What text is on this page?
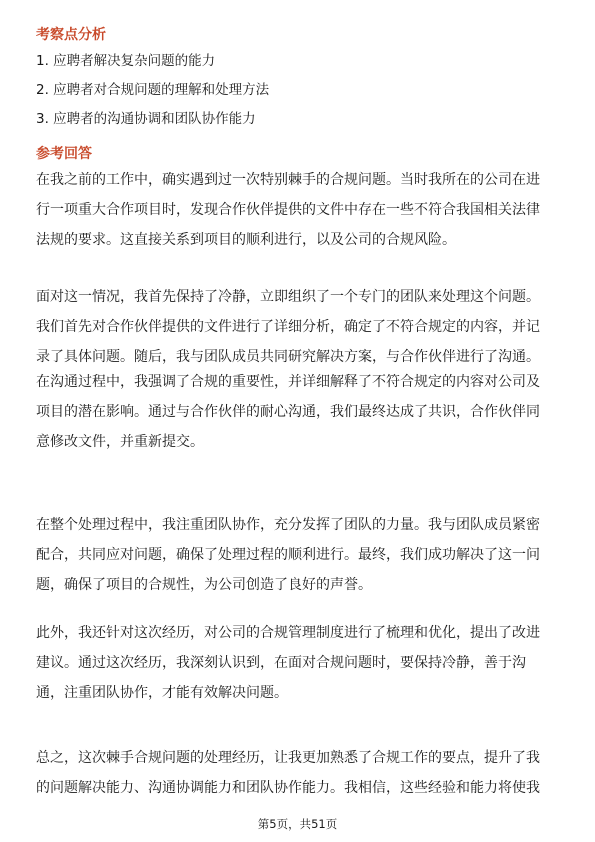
考察点分析
1. 应聘者解决复杂问题的能力
2. 应聘者对合规问题的理解和处理方法
3. 应聘者的沟通协调和团队协作能力
参考回答
在我之前的工作中，确实遇到过一次特别棘手的合规问题。当时我所在的公司在进
行一项重大合作项目时，发现合作伙伴提供的文件中存在一些不符合我国相关法律
法规的要求。这直接关系到项目的顺利进行，以及公司的合规风险。
面对这一情况，我首先保持了冷静，立即组织了一个专门的团队来处理这个问题。
我们首先对合作伙伴提供的文件进行了详细分析，确定了不符合规定的内容，并记
录了具体问题。随后，我与团队成员共同研究解决方案，与合作伙伴进行了沟通。
在沟通过程中，我强调了合规的重要性，并详细解释了不符合规定的内容对公司及
项目的潜在影响。通过与合作伙伴的耐心沟通，我们最终达成了共识，合作伙伴同
意修改文件，并重新提交。
在整个处理过程中，我注重团队协作，充分发挥了团队的力量。我与团队成员紧密
配合，共同应对问题，确保了处理过程的顺利进行。最终，我们成功解决了这一问
题，确保了项目的合规性，为公司创造了良好的声誉。
此外，我还针对这次经历，对公司的合规管理制度进行了梳理和优化，提出了改进
建议。通过这次经历，我深刻认识到，在面对合规问题时，要保持冷静，善于沟
通，注重团队协作，才能有效解决问题。
总之，这次棘手合规问题的处理经历，让我更加熟悉了合规工作的要点，提升了我
的问题解决能力、沟通协调能力和团队协作能力。我相信，这些经验和能力将使我
第5页，共51页
